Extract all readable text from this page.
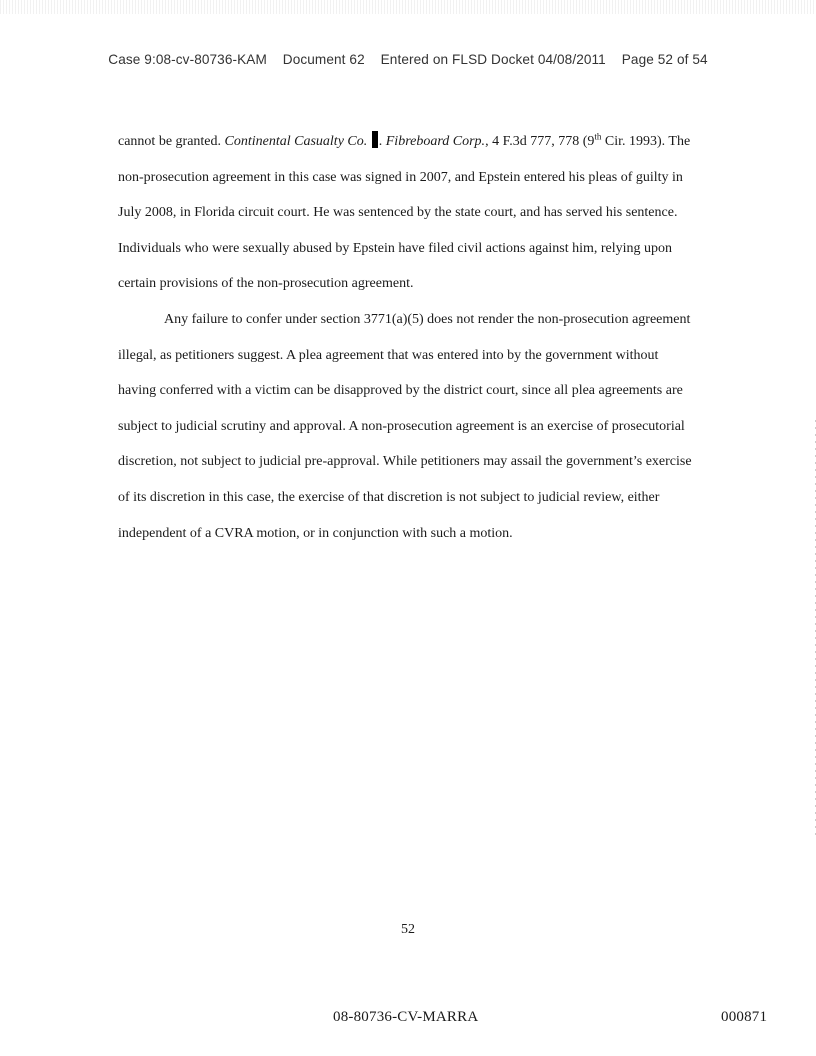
Case 9:08-cv-80736-KAM Document 62 Entered on FLSD Docket 04/08/2011 Page 52 of 54

cannot be granted. Continental Casualty Co. . Fibreboard Corp., 4 F.3d 777, 778 (9th Cir. 1993). The non-prosecution agreement in this case was signed in 2007, and Epstein entered his pleas of guilty in July 2008, in Florida circuit court. He was sentenced by the state court, and has served his sentence. Individuals who were sexually abused by Epstein have filed civil actions against him, relying upon certain provisions of the non-prosecution agreement.

Any failure to confer under section 3771(a)(5) does not render the non-prosecution agreement illegal, as petitioners suggest. A plea agreement that was entered into by the government without having conferred with a victim can be disapproved by the district court, since all plea agreements are subject to judicial scrutiny and approval. A non-prosecution agreement is an exercise of prosecutorial discretion, not subject to judicial pre-approval. While petitioners may assail the government’s exercise of its discretion in this case, the exercise of that discretion is not subject to judicial review, either independent of a CVRA motion, or in conjunction with such a motion.

52
08-80736-CV-MARRA	000871
